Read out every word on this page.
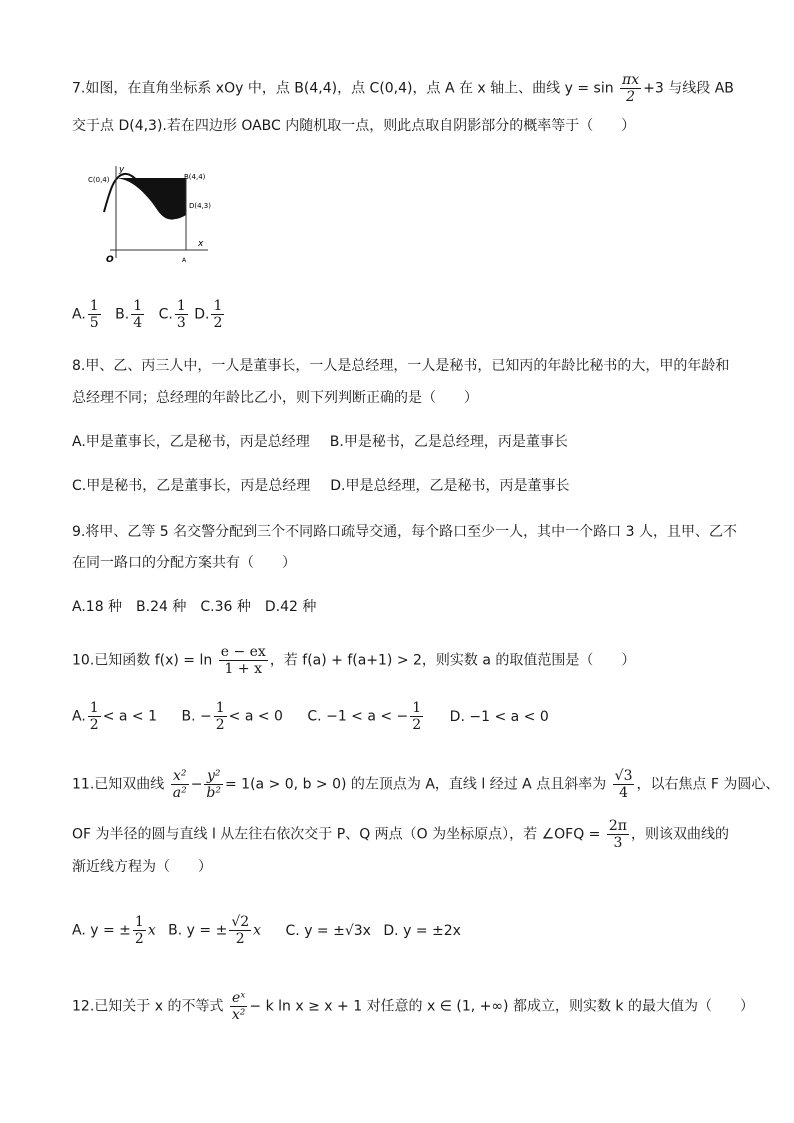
7.如图，在直角坐标系 xOy 中，点 B(4,4)，点 C(0,4)，点 A 在 x 轴上、曲线 $y = \sin \frac{\pi x}{2} +3$ 与线段 AB
交于点 D(4,3).若在四边形 OABC 内随机取一点，则此点取自阴影部分的概率等于（　　）
y
C(0,4)	B(4,4)
D(4,3)
x
O	A
A. $\frac{1}{5} B$. $\frac{1}{4} C$. $\frac{1}{3} D$. $\frac{1}{2}$
8.甲、乙、丙三人中，一人是董事长，一人是总经理，一人是秘书，已知丙的年龄比秘书的大，甲的年龄和
总经理不同；总经理的年龄比乙小，则下列判断正确的是（　　）
A.甲是董事长，乙是秘书，丙是总经理 B.甲是秘书，乙是总经理，丙是董事长
C.甲是秘书，乙是董事长，丙是总经理 D.甲是总经理，乙是秘书，丙是董事长
9.将甲、乙等 5 名交警分配到三个不同路口疏导交通，每个路口至少一人，其中一个路口 3 人，且甲、乙不
在同一路口的分配方案共有（　　）
A.18 种　B.24 种　C.36 种　D.42 种
10.已知函数 $f(x) = \ln \frac{e - ex}{1 + x}$ ，若 f(a) + f(a+1) > 2，则实数 a 的取值范围是（　　）
A. $\frac{1}{2} < a < 1$ B. − $\frac{1}{2} < a < 0$ C. −1 < a < − $\frac{1}{2} D$. −1 < a < 0
11.已知双曲线 $\frac{\text{x²}}{\text{a²}} - \frac{\text{y²}}{\text{b²}} = 1(a > 0$, b > 0) 的左顶点为 A，直线 l 经过 A 点且斜率为 $\frac{√3}{4}$ ，以右焦点 F 为圆心、
OF 为半径的圆与直线 l 从左往右依次交于 P、Q 两点（O 为坐标原点），若 ∠OFQ = $\frac{2\pi}{3}$ ，则该双曲线的
渐近线方程为（　　）
A. y = ± $\frac{1}{2}$ x B. y = ± $\frac{√2}{2}$ x C. y = ±√3x D. y = ±2x
12.已知关于 x 的不等式 $\frac{\text{eˣ}}{\text{x²}} - k$ ln x ≥ x + 1 对任意的 x ∈ (1, +∞) 都成立，则实数 k 的最大值为（　　）
